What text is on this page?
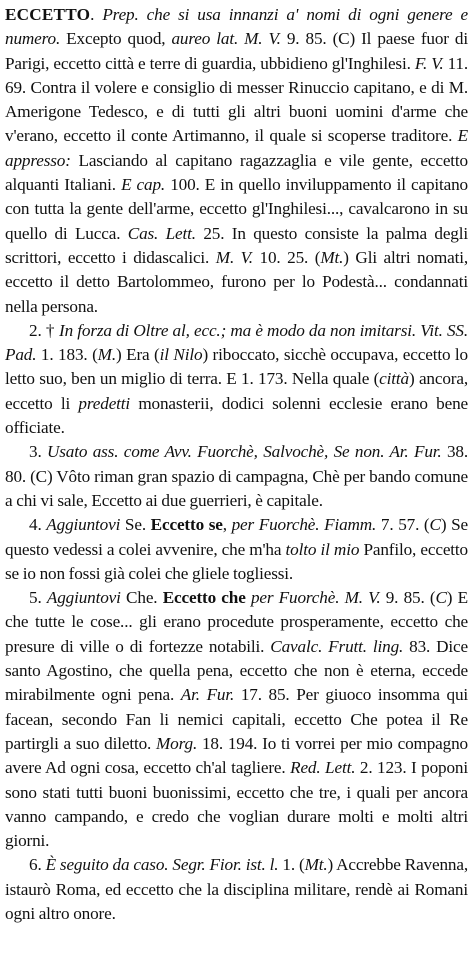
ECCETTO. Prep. che si usa innanzi a' nomi di ogni genere e numero. Excepto quod, aureo lat. M. V. 9. 85. (C) Il paese fuor di Parigi, eccetto città e terre di guardia, ubbidieno gl'Inghilesi. F. V. 11. 69. Contra il volere e consiglio di messer Rinuccio capitano, e di M. Amerigone Tedesco, e di tutti gli altri buoni uomini d'arme che v'erano, eccetto il conte Artimanno, il quale si scoperse traditore. E appresso: Lasciando al capitano ragazzaglia e vile gente, eccetto alquanti Italiani. E cap. 100. E in quello inviluppamento il capitano con tutta la gente dell'arme, eccetto gl'Inghilesi..., cavalcarono in su quello di Lucca. Cas. Lett. 25. In questo consiste la palma degli scrittori, eccetto i didascalici. M. V. 10. 25. (Mt.) Gli altri nomati, eccetto il detto Bartolommeo, furono per lo Podestà... condannati nella persona.

2. † In forza di Oltre al, ecc.; ma è modo da non imitarsi. Vit. SS. Pad. 1. 183. (M.) Era (il Nilo) riboccato, sicchè occupava, eccetto lo letto suo, ben un miglio di terra. E 1. 173. Nella quale (città) ancora, eccetto li predetti monasterii, dodici solenni ecclesie erano bene officiate.

3. Usato ass. come Avv. Fuorchè, Salvochè, Se non. Ar. Fur. 38. 80. (C) Vôto riman gran spazio di campagna, Chè per bando comune a chi vi sale, Eccetto ai due guerrieri, è capitale.

4. Aggiuntovi Se. Eccetto se, per Fuorchè. Fiamm. 7. 57. (C) Se questo vedessi a colei avvenire, che m'ha tolto il mio Panfilo, eccetto se io non fossi già colei che gliele togliessi.

5. Aggiuntovi Che. Eccetto che per Fuorchè. M. V. 9. 85. (C) E che tutte le cose... gli erano procedute prosperamente, eccetto che presure di ville o di fortezze notabili. Cavalc. Frutt. ling. 83. Dice santo Agostino, che quella pena, eccetto che non è eterna, eccede mirabilmente ogni pena. Ar. Fur. 17. 85. Per giuoco insomma qui facean, secondo Fan li nemici capitali, eccetto Che potea il Re partirgli a suo diletto. Morg. 18. 194. Io ti vorrei per mio compagno avere Ad ogni cosa, eccetto ch'al tagliere. Red. Lett. 2. 123. I poponi sono stati tutti buoni buonissimi, eccetto che tre, i quali per ancora vanno campando, e credo che voglian durare molti e molti altri giorni.

6. È seguito da caso. Segr. Fior. ist. l. 1. (Mt.) Accrebbe Ravenna, istaurò Roma, ed eccetto che la disciplina militare, rendè ai Romani ogni altro onore.
